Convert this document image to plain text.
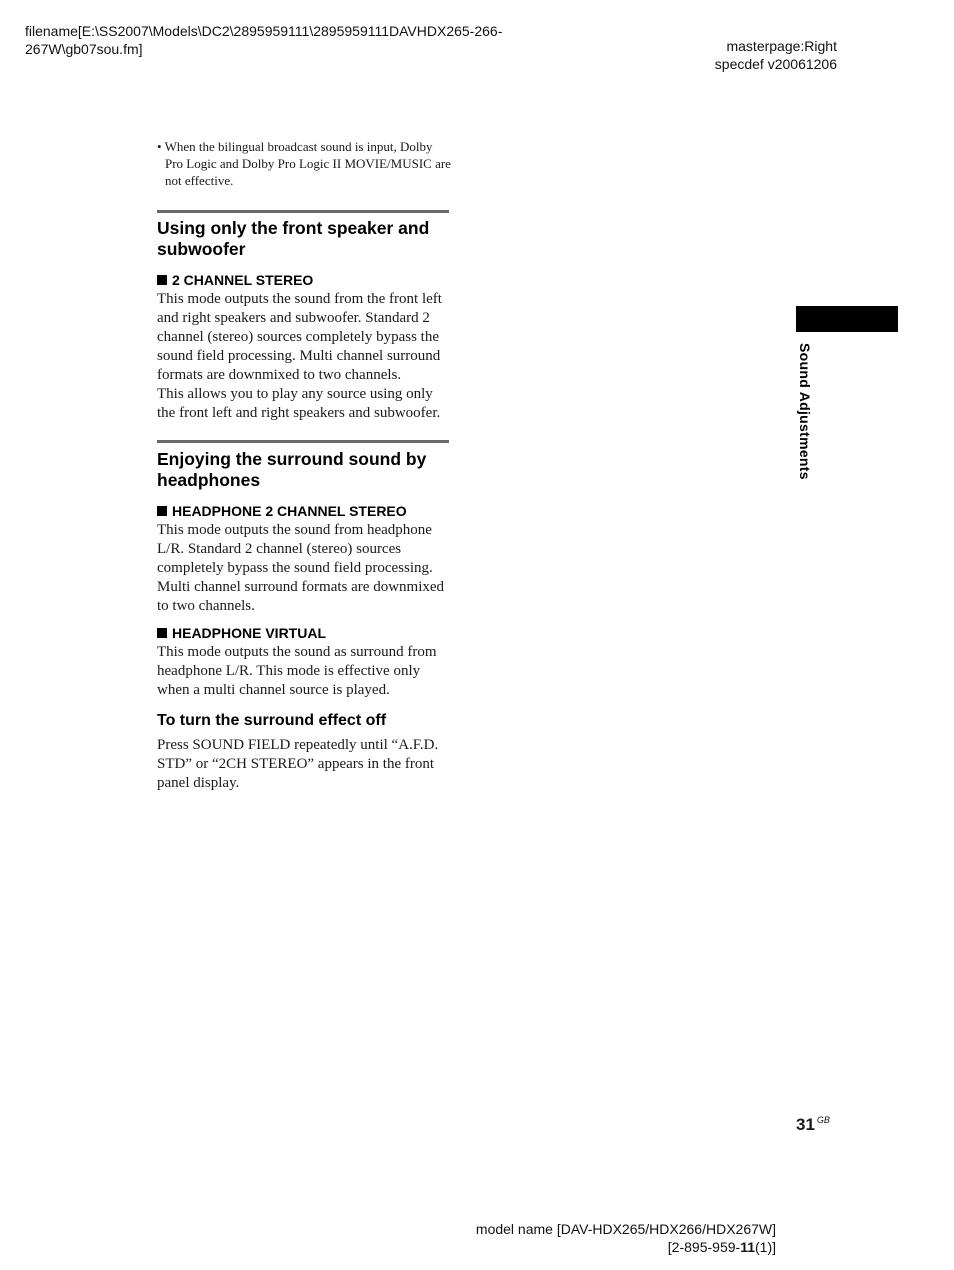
filename[E:\SS2007\Models\DC2\2895959111\2895959111DAVHDX265-266-
267W\gb07sou.fm]	masterpage:Right
specdef v20061206
• When the bilingual broadcast sound is input, Dolby Pro Logic and Dolby Pro Logic II MOVIE/MUSIC are not effective.
Using only the front speaker and subwoofer
2 CHANNEL STEREO
This mode outputs the sound from the front left and right speakers and subwoofer. Standard 2 channel (stereo) sources completely bypass the sound field processing. Multi channel surround formats are downmixed to two channels.
This allows you to play any source using only the front left and right speakers and subwoofer.
Enjoying the surround sound by headphones
HEADPHONE 2 CHANNEL STEREO
This mode outputs the sound from headphone L/R. Standard 2 channel (stereo) sources completely bypass the sound field processing. Multi channel surround formats are downmixed to two channels.
HEADPHONE VIRTUAL
This mode outputs the sound as surround from headphone L/R. This mode is effective only when a multi channel source is played.
To turn the surround effect off
Press SOUND FIELD repeatedly until “A.F.D. STD” or “2CH STEREO” appears in the front panel display.
Sound Adjustments
31 $^{GB}$
model name [DAV-HDX265/HDX266/HDX267W]
[2-895-959-11(1)]
